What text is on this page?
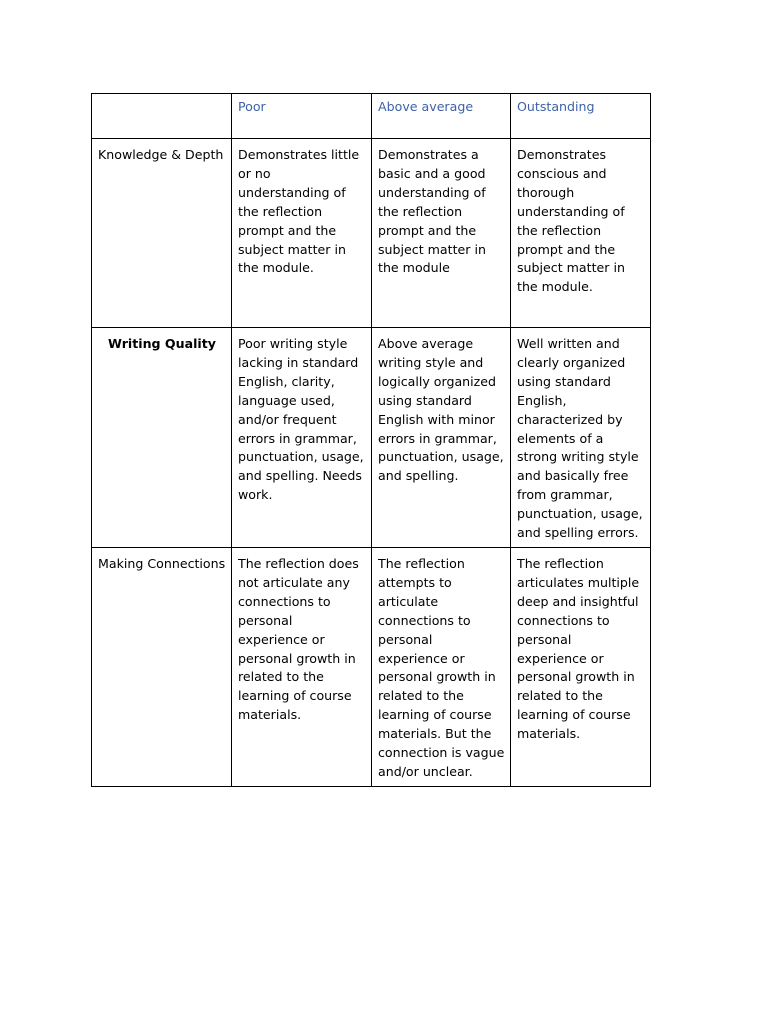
	Poor	Above average	Outstanding
Knowledge & Depth	Demonstrates little or no understanding of the reflection prompt and the subject matter in the module.	Demonstrates a basic and a good understanding of the reflection prompt and the subject matter in the module	Demonstrates conscious and thorough understanding of the reflection prompt and the subject matter in the module.
Writing Quality	Poor writing style lacking in standard English, clarity, language used, and/or frequent errors in grammar, punctuation, usage, and spelling. Needs work.	Above average writing style and logically organized using standard English with minor errors in grammar, punctuation, usage, and spelling.	Well written and clearly organized using standard English, characterized by elements of a strong writing style and basically free from grammar, punctuation, usage, and spelling errors.
Making Connections	The reflection does not articulate any connections to personal experience or personal growth in related to the learning of course materials.	The reflection attempts to articulate connections to personal experience or personal growth in related to the learning of course materials. But the connection is vague and/or unclear.	The reflection articulates multiple deep and insightful connections to personal experience or personal growth in related to the learning of course materials.
